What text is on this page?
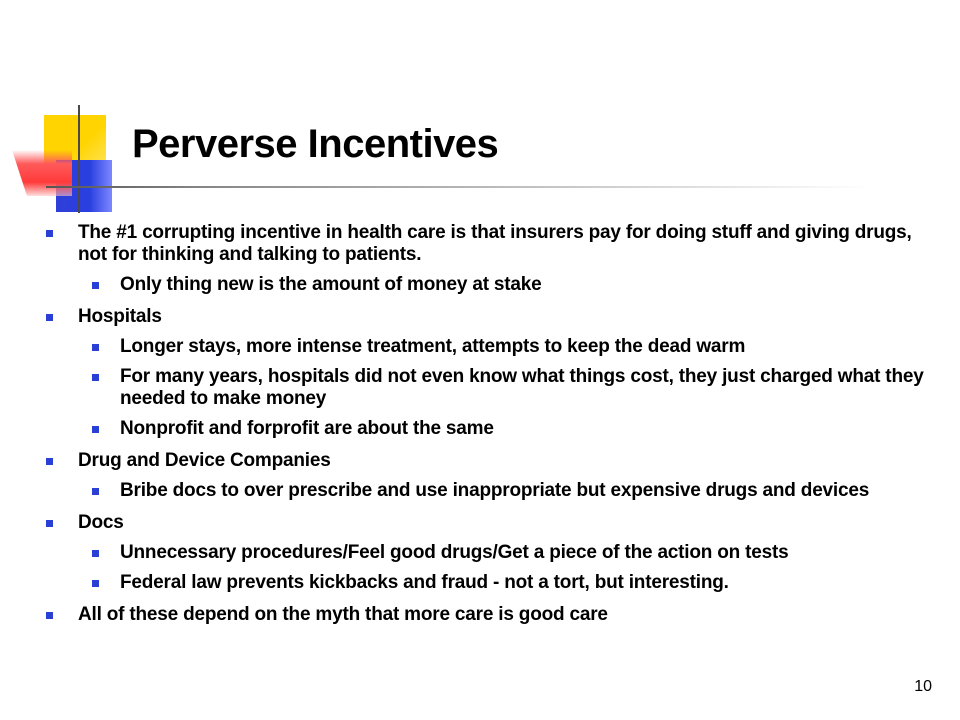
Perverse Incentives
The #1 corrupting incentive in health care is that insurers pay for doing stuff and giving drugs, not for thinking and talking to patients.
Only thing new is the amount of money at stake
Hospitals
Longer stays, more intense treatment, attempts to keep the dead warm
For many years, hospitals did not even know what things cost, they just charged what they needed to make money
Nonprofit and forprofit are about the same
Drug and Device Companies
Bribe docs to over prescribe and use inappropriate but expensive drugs and devices
Docs
Unnecessary procedures/Feel good drugs/Get a piece of the action on tests
Federal law prevents kickbacks and fraud - not a tort, but interesting.
All of these depend on the myth that more care is good care
10
